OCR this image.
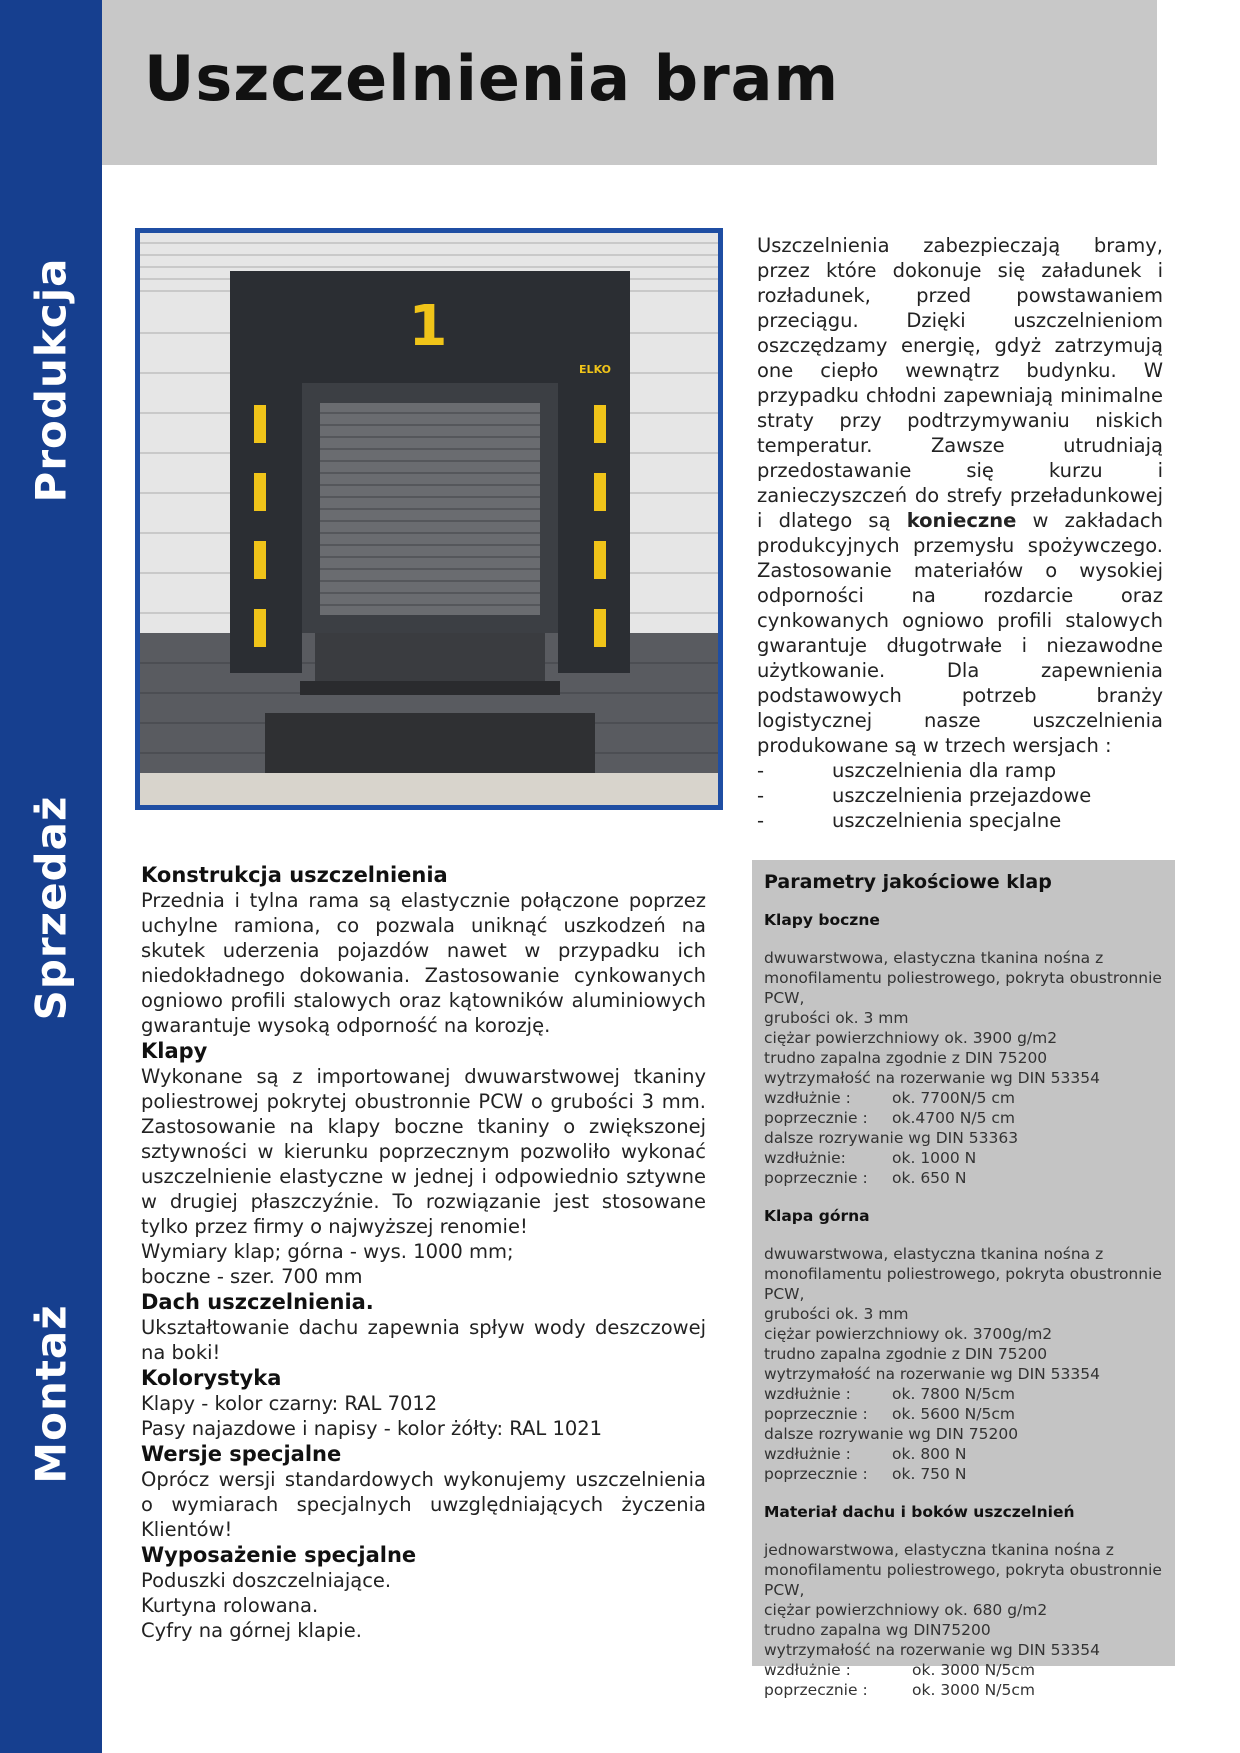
Produkcja
Sprzedaż
Montaż
Uszczelnienia bram
1
ELKO
Uszczelnienia zabezpieczają bramy, przez które dokonuje się załadunek i rozładunek, przed powstawaniem przeciągu. Dzięki uszczelnieniom oszczędzamy energię, gdyż zatrzymują one ciepło wewnątrz budynku. W przypadku chłodni zapewniają minimalne straty przy podtrzymywaniu niskich temperatur. Zawsze utrudniają przedostawanie się kurzu i zanieczyszczeń do strefy przeładunkowej i dlatego są konieczne w zakładach produkcyjnych przemysłu spożywczego. Zastosowanie materiałów o wysokiej odporności na rozdarcie oraz cynkowanych ogniowo profili stalowych gwarantuje długotrwałe i niezawodne użytkowanie. Dla zapewnienia podstawowych potrzeb branży logistycznej nasze uszczelnienia produkowane są w trzech wersjach :
-	uszczelnienia dla ramp
-	uszczelnienia przejazdowe
-	uszczelnienia specjalne
Konstrukcja uszczelnienia

Przednia i tylna rama są elastycznie połączone poprzez uchylne ramiona, co pozwala uniknąć uszkodzeń na skutek uderzenia pojazdów nawet w przypadku ich niedokładnego dokowania. Zastosowanie cynkowanych ogniowo profili stalowych oraz kątowników aluminiowych gwarantuje wysoką odporność na korozję.

Klapy

Wykonane są z importowanej dwuwarstwowej tkaniny poliestrowej pokrytej obustronnie PCW o grubości 3 mm. Zastosowanie na klapy boczne tkaniny o zwiększonej sztywności w kierunku poprzecznym pozwoliło wykonać uszczelnienie elastyczne w jednej i odpowiednio sztywne w drugiej płaszczyźnie. To rozwiązanie jest stosowane tylko przez firmy o najwyższej renomie!

Wymiary klap; górna - wys. 1000 mm;

boczne - szer. 700 mm

Dach uszczelnienia.

Ukształtowanie dachu zapewnia spływ wody deszczowej na boki!

Kolorystyka

Klapy - kolor czarny: RAL 7012

Pasy najazdowe i napisy - kolor żółty: RAL 1021

Wersje specjalne

Oprócz wersji standardowych wykonujemy uszczelnienia o wymiarach specjalnych uwzględniających życzenia Klientów!

Wyposażenie specjalne

Poduszki doszczelniające.

Kurtyna rolowana.

Cyfry na górnej klapie.

Parametry jakościowe klap
Klapy boczne
dwuwarstwowa, elastyczna tkanina nośna z monofilamentu poliestrowego, pokryta obustronnie PCW,
grubości ok. 3 mm
ciężar powierzchniowy ok. 3900 g/m2
trudno zapalna zgodnie z DIN 75200
wytrzymałość na rozerwanie wg DIN 53354
wzdłużnie :	ok. 7700N/5 cm
poprzecznie :	ok.4700 N/5 cm
dalsze rozrywanie wg DIN 53363
wzdłużnie:	ok. 1000 N
poprzecznie :	ok. 650 N
Klapa górna
dwuwarstwowa, elastyczna tkanina nośna z monofilamentu poliestrowego, pokryta obustronnie PCW,
grubości ok. 3 mm
ciężar powierzchniowy ok. 3700g/m2
trudno zapalna zgodnie z DIN 75200
wytrzymałość na rozerwanie wg DIN 53354
wzdłużnie :	ok. 7800 N/5cm
poprzecznie :	ok. 5600 N/5cm
dalsze rozrywanie wg DIN 75200
wzdłużnie :	ok. 800 N
poprzecznie :	ok. 750 N
Materiał dachu i boków uszczelnień
jednowarstwowa, elastyczna tkanina nośna z monofilamentu poliestrowego, pokryta obustronnie PCW,
ciężar powierzchniowy ok. 680 g/m2
trudno zapalna wg DIN75200
wytrzymałość na rozerwanie wg DIN 53354
wzdłużnie :	ok. 3000 N/5cm
poprzecznie :	ok. 3000 N/5cm
